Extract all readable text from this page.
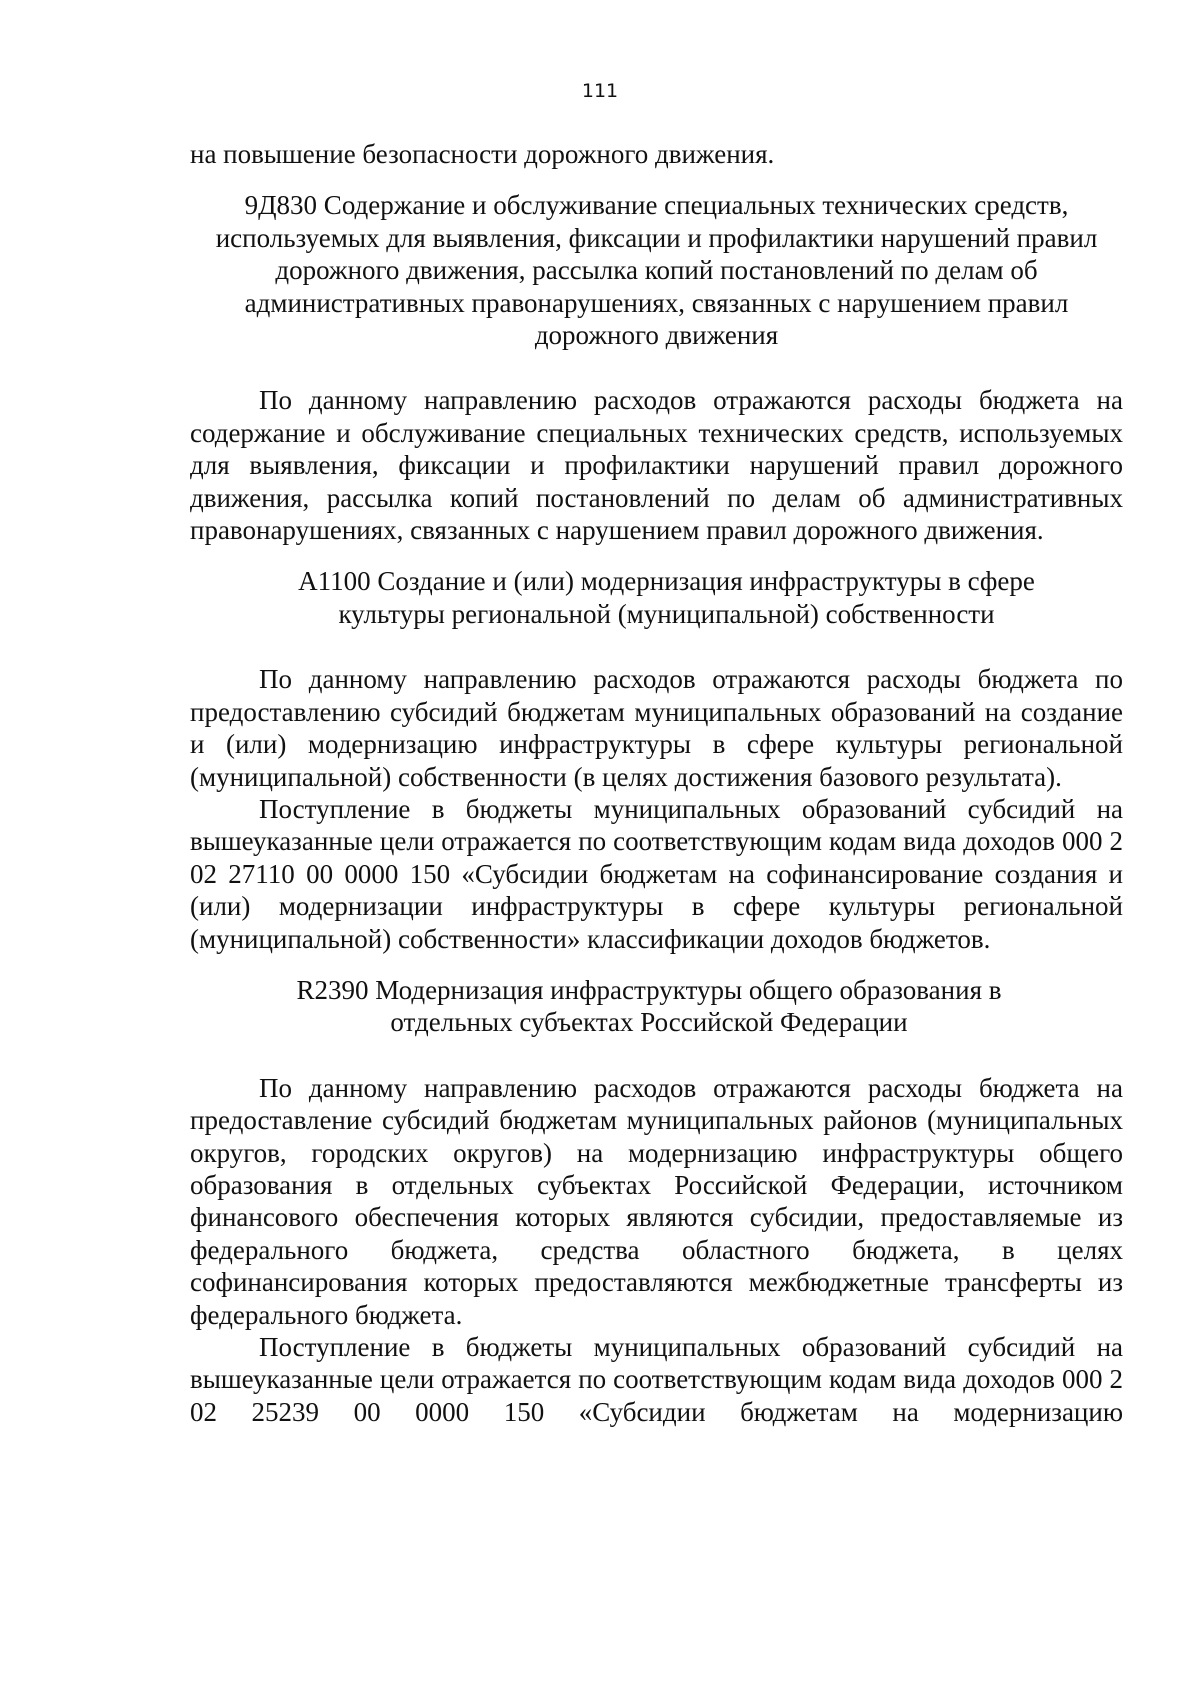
111

на повышение безопасности дорожного движения.

9Д830 Содержание и обслуживание специальных технических средств,
используемых для выявления, фиксации и профилактики нарушений правил
дорожного движения, рассылка копий постановлений по делам об
административных правонарушениях, связанных с нарушением правил
дорожного движения

По данному направлению расходов отражаются расходы бюджета на содержание и обслуживание специальных технических средств, используемых для выявления, фиксации и профилактики нарушений правил дорожного движения, рассылка копий постановлений по делам об административных правонарушениях, связанных с нарушением правил дорожного движения.

А1100 Создание и (или) модернизация инфраструктуры в сфере
культуры региональной (муниципальной) собственности

По данному направлению расходов отражаются расходы бюджета по предоставлению субсидий бюджетам муниципальных образований на создание и (или) модернизацию инфраструктуры в сфере культуры региональной (муниципальной) собственности (в целях достижения базового результата).

Поступление в бюджеты муниципальных образований субсидий на вышеуказанные цели отражается по соответствующим кодам вида доходов 000 2 02 27110 00 0000 150 «Субсидии бюджетам на софинансирование создания и (или) модернизации инфраструктуры в сфере культуры региональной (муниципальной) собственности» классификации доходов бюджетов.

R2390 Модернизация инфраструктуры общего образования в
отдельных субъектах Российской Федерации

По данному направлению расходов отражаются расходы бюджета на предоставление субсидий бюджетам муниципальных районов (муниципальных округов, городских округов) на модернизацию инфраструктуры общего образования в отдельных субъектах Российской Федерации, источником финансового обеспечения которых являются субсидии, предоставляемые из федерального бюджета, средства областного бюджета, в целях софинансирования которых предоставляются межбюджетные трансферты из федерального бюджета.

Поступление в бюджеты муниципальных образований субсидий на вышеуказанные цели отражается по соответствующим кодам вида доходов 000 2 02 25239 00 0000 150 «Субсидии бюджетам на модернизацию
